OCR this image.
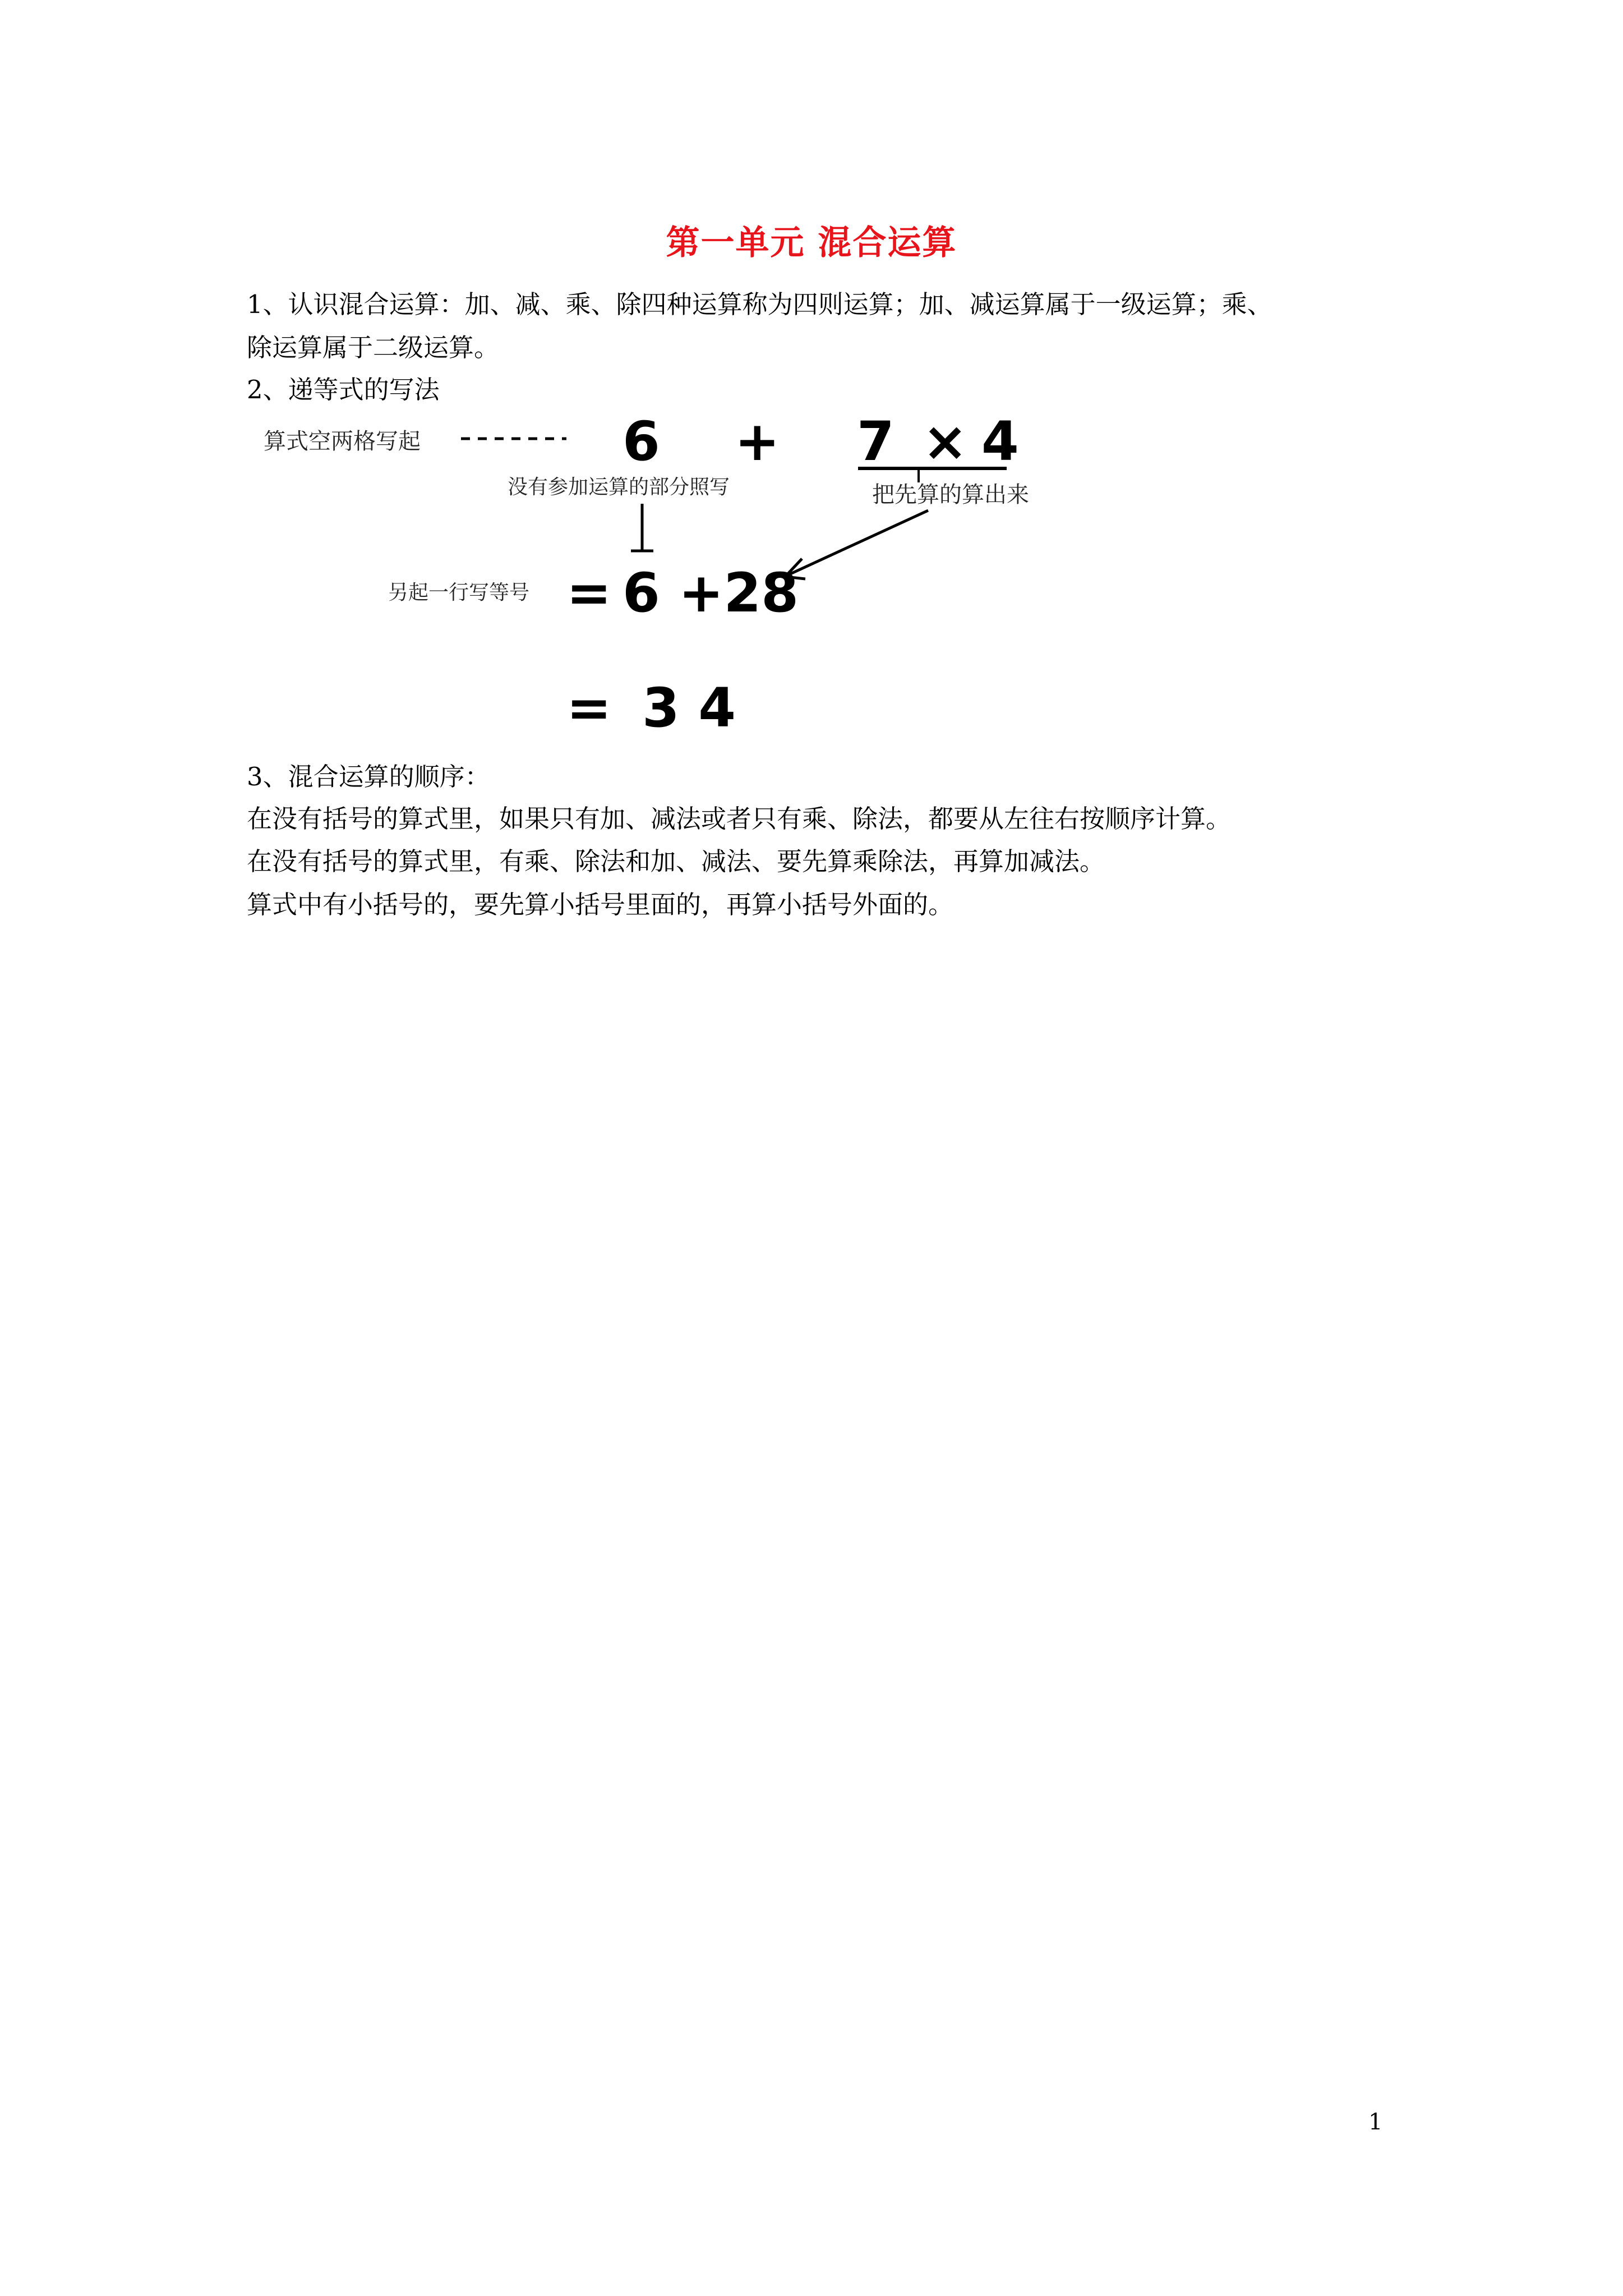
第一单元 混合运算

1、认识混合运算：加、减、乘、除四种运算称为四则运算；加、减运算属于一级运算；乘、

除运算属于二级运算。

2、递等式的写法

算式空两格写起	6 + 7 × 4
没有参加运算的部分照写	把先算的算出来
另起一行写等号 = 6 +28
= 3 4

3、混合运算的顺序：

在没有括号的算式里，如果只有加、减法或者只有乘、除法，都要从左往右按顺序计算。

在没有括号的算式里，有乘、除法和加、减法、要先算乘除法，再算加减法。

算式中有小括号的，要先算小括号里面的，再算小括号外面的。

1
